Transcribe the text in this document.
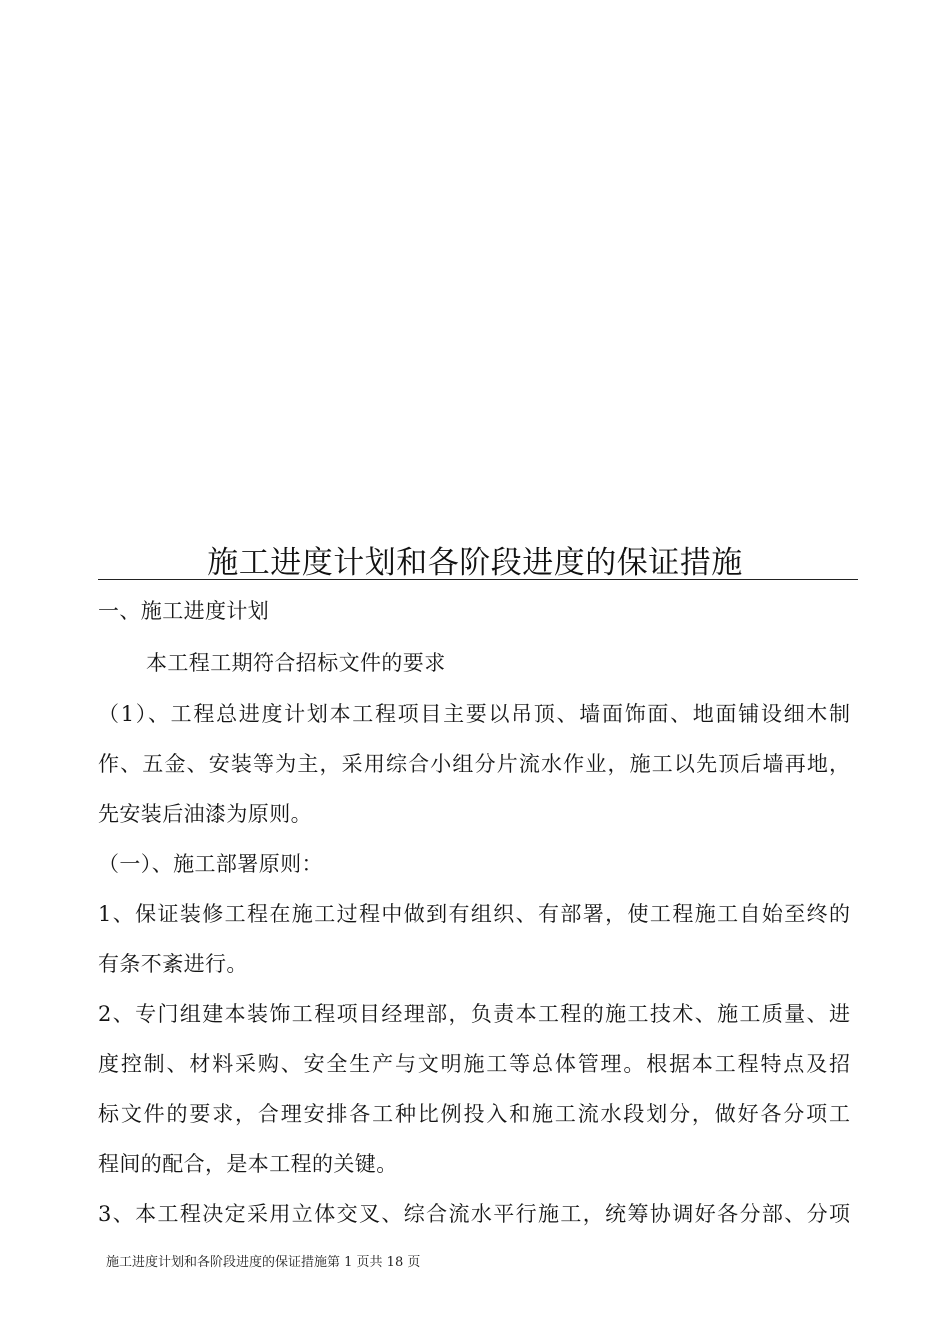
施工进度计划和各阶段进度的保证措施
一、施工进度计划
本工程工期符合招标文件的要求
（1）、工程总进度计划本工程项目主要以吊顶、墙面饰面、地面铺设细木制
作、五金、安装等为主，采用综合小组分片流水作业，施工以先顶后墙再地，
先安装后油漆为原则。
（一）、施工部署原则：
1、保证装修工程在施工过程中做到有组织、有部署，使工程施工自始至终的
有条不紊进行。
2、专门组建本装饰工程项目经理部，负责本工程的施工技术、施工质量、进
度控制、材料采购、安全生产与文明施工等总体管理。根据本工程特点及招
标文件的要求，合理安排各工种比例投入和施工流水段划分，做好各分项工
程间的配合，是本工程的关键。
3、本工程决定采用立体交叉、综合流水平行施工，统筹协调好各分部、分项
施工进度计划和各阶段进度的保证措施第 1 页共 18 页
